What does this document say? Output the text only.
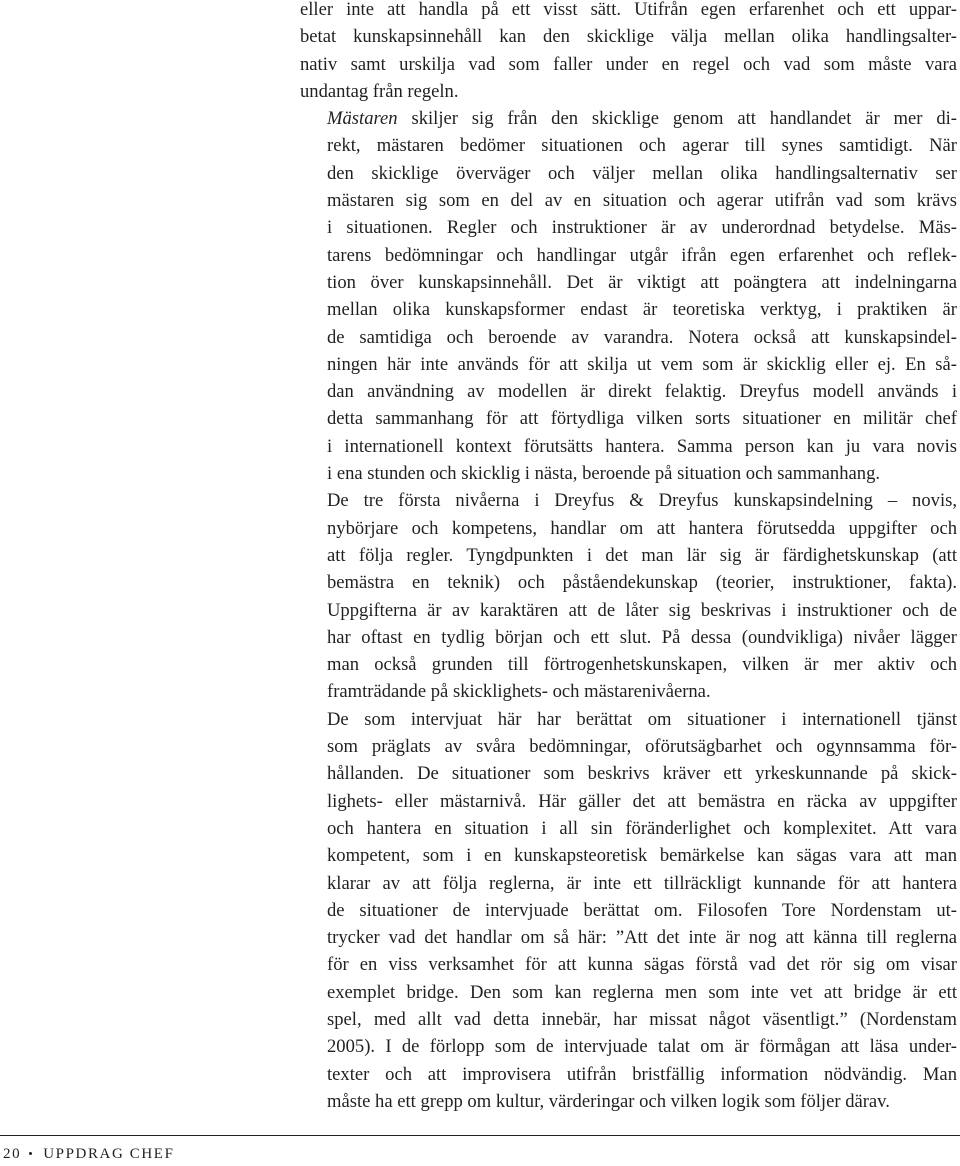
eller inte att handla på ett visst sätt. Utifrån egen erfarenhet och ett uppar-
betat kunskapsinnehåll kan den skicklige välja mellan olika handlingsalter-
nativ samt urskilja vad som faller under en regel och vad som måste vara
undantag från regeln.

Mästaren skiljer sig från den skicklige genom att handlandet är mer di-
rekt, mästaren bedömer situationen och agerar till synes samtidigt. När
den skicklige överväger och väljer mellan olika handlingsalternativ ser
mästaren sig som en del av en situation och agerar utifrån vad som krävs
i situationen. Regler och instruktioner är av underordnad betydelse. Mäs-
tarens bedömningar och handlingar utgår ifrån egen erfarenhet och reflek-
tion över kunskapsinnehåll. Det är viktigt att poängtera att indelningarna
mellan olika kunskapsformer endast är teoretiska verktyg, i praktiken är
de samtidiga och beroende av varandra. Notera också att kunskapsindel-
ningen här inte används för att skilja ut vem som är skicklig eller ej. En så-
dan användning av modellen är direkt felaktig. Dreyfus modell används i
detta sammanhang för att förtydliga vilken sorts situationer en militär chef
i internationell kontext förutsätts hantera. Samma person kan ju vara novis
i ena stunden och skicklig i nästa, beroende på situation och sammanhang.

De tre första nivåerna i Dreyfus & Dreyfus kunskapsindelning – novis,
nybörjare och kompetens, handlar om att hantera förutsedda uppgifter och
att följa regler. Tyngdpunkten i det man lär sig är färdighetskunskap (att
bemästra en teknik) och påståendekunskap (teorier, instruktioner, fakta).
Uppgifterna är av karaktären att de låter sig beskrivas i instruktioner och de
har oftast en tydlig början och ett slut. På dessa (oundvikliga) nivåer lägger
man också grunden till förtrogenhetskunskapen, vilken är mer aktiv och
framträdande på skicklighets- och mästarenivåerna.

De som intervjuat här har berättat om situationer i internationell tjänst
som präglats av svåra bedömningar, oförutsägbarhet och ogynnsamma för-
hållanden. De situationer som beskrivs kräver ett yrkeskunnande på skick-
lighets- eller mästarnivå. Här gäller det att bemästra en räcka av uppgifter
och hantera en situation i all sin föränderlighet och komplexitet. Att vara
kompetent, som i en kunskapsteoretisk bemärkelse kan sägas vara att man
klarar av att följa reglerna, är inte ett tillräckligt kunnande för att hantera
de situationer de intervjuade berättat om. Filosofen Tore Nordenstam ut-
trycker vad det handlar om så här: ”Att det inte är nog att känna till reglerna
för en viss verksamhet för att kunna sägas förstå vad det rör sig om visar
exemplet bridge. Den som kan reglerna men som inte vet att bridge är ett
spel, med allt vad detta innebär, har missat något väsentligt.” (Nordenstam
2005). I de förlopp som de intervjuade talat om är förmågan att läsa under-
texter och att improvisera utifrån bristfällig information nödvändig. Man
måste ha ett grepp om kultur, värderingar och vilken logik som följer därav.

20 UPPDRAG CHEF
